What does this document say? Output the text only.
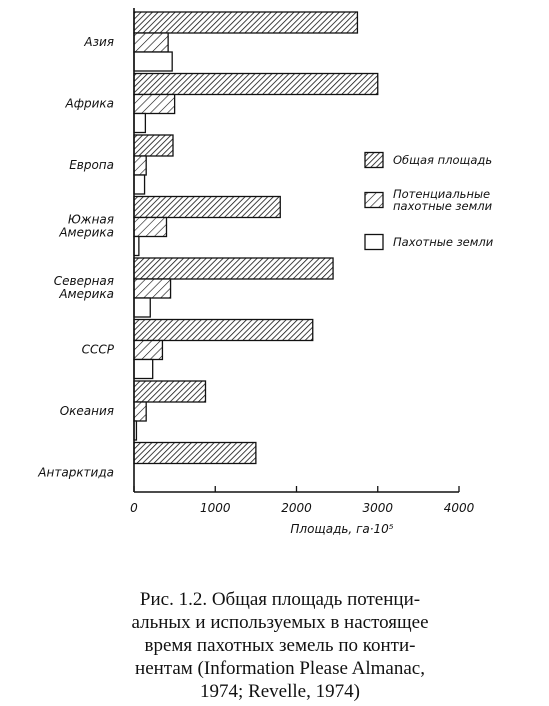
Азия
Африка
Европа
Южная Америка
Северная Америка
СССР
Океания
Антарктида
0	1000	2000	3000	4000
Площадь, га·10⁵
Общая площадь
Потенциальные пахотные земли
Пахотные земли
Рис. 1.2. Общая площадь потенци-
альных и используемых в настоящее
время пахотных земель по конти-
нентам (Information Please Almanac,
1974; Revelle, 1974)
